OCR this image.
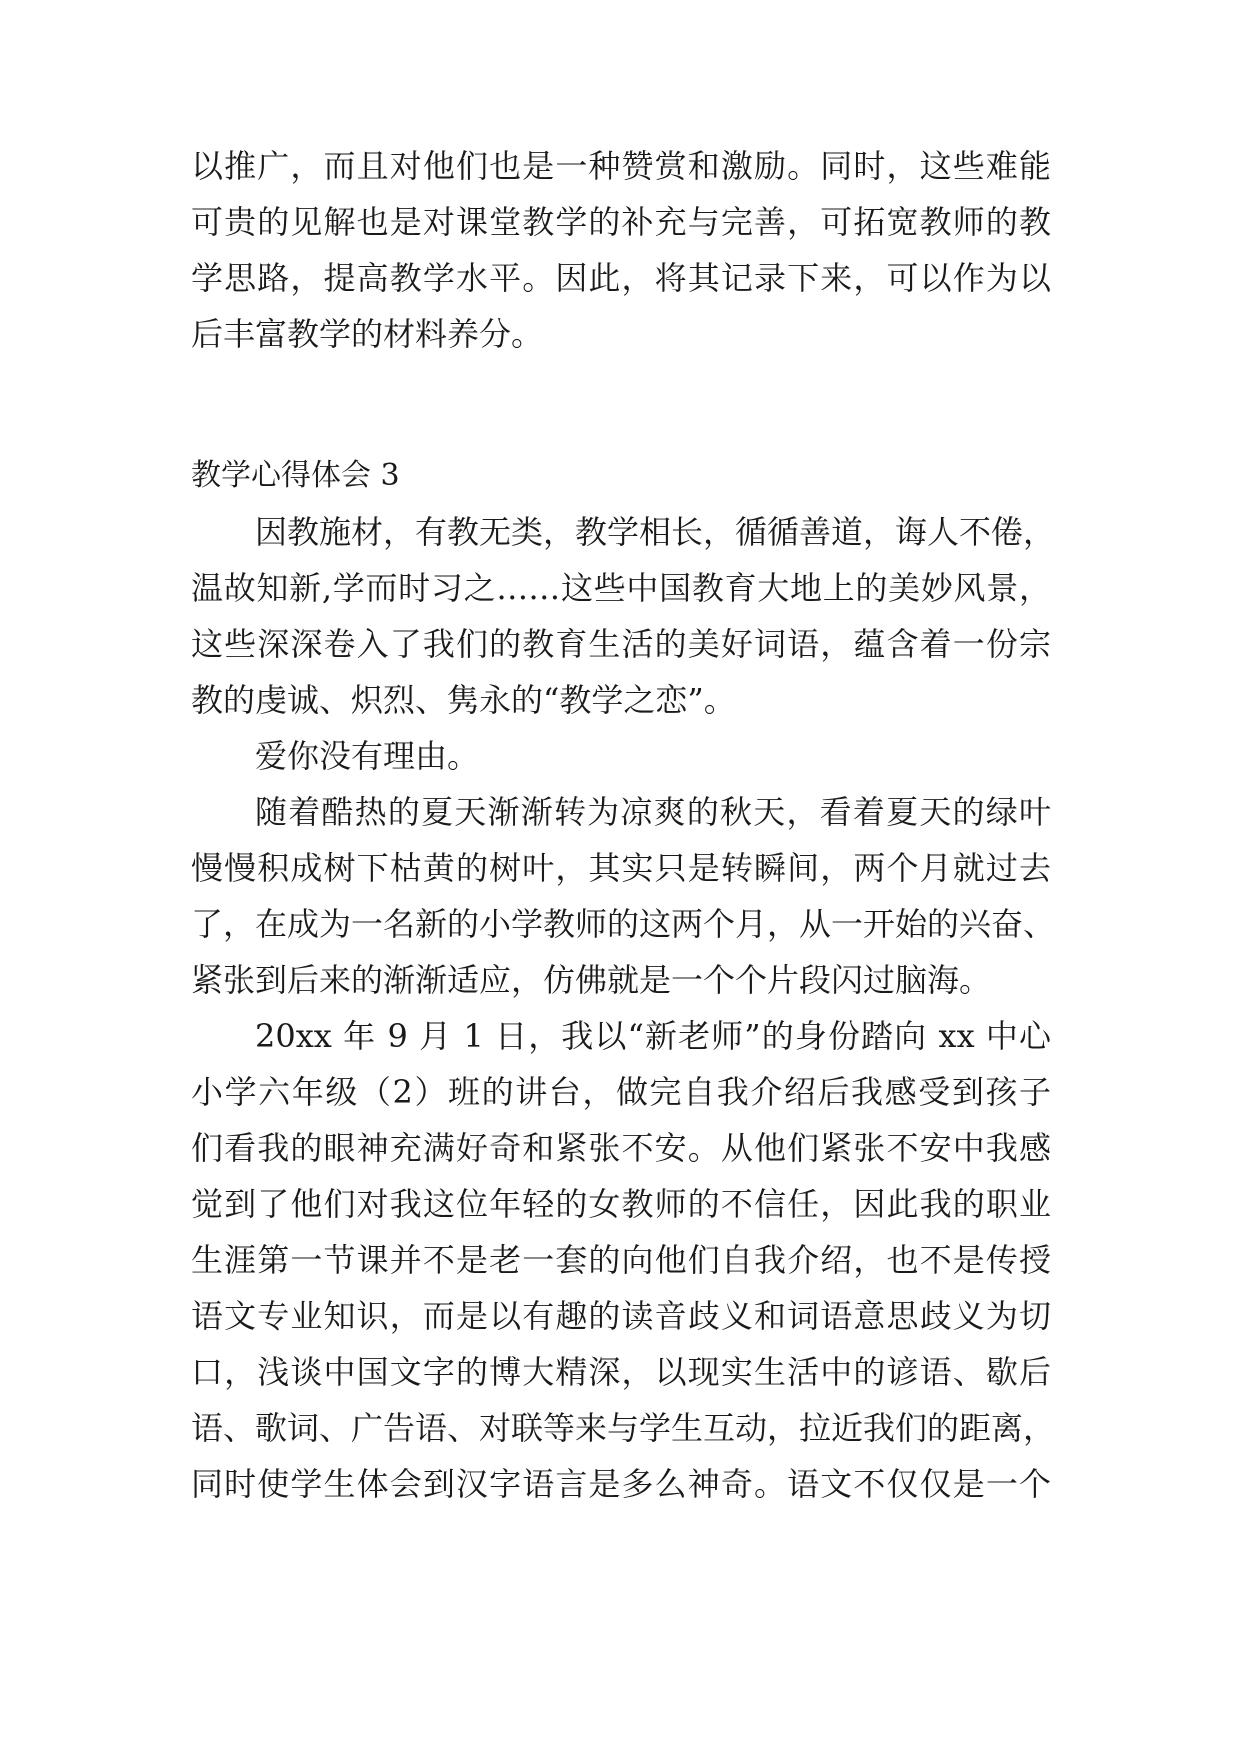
以推广，而且对他们也是一种赞赏和激励。同时，这些难能

可贵的见解也是对课堂教学的补充与完善，可拓宽教师的教

学思路，提高教学水平。因此，将其记录下来，可以作为以

后丰富教学的材料养分。

教学心得体会 3

因教施材，有教无类，教学相长，循循善道，诲人不倦，

温故知新,学而时习之……这些中国教育大地上的美妙风景，

这些深深卷入了我们的教育生活的美好词语，蕴含着一份宗

教的虔诚、炽烈、隽永的“教学之恋”。

爱你没有理由。

随着酷热的夏天渐渐转为凉爽的秋天，看着夏天的绿叶

慢慢积成树下枯黄的树叶，其实只是转瞬间，两个月就过去

了，在成为一名新的小学教师的这两个月，从一开始的兴奋、

紧张到后来的渐渐适应，仿佛就是一个个片段闪过脑海。

20xx 年 9 月 1 日，我以“新老师”的身份踏向 xx 中心

小学六年级（2）班的讲台，做完自我介绍后我感受到孩子

们看我的眼神充满好奇和紧张不安。从他们紧张不安中我感

觉到了他们对我这位年轻的女教师的不信任，因此我的职业

生涯第一节课并不是老一套的向他们自我介绍，也不是传授

语文专业知识，而是以有趣的读音歧义和词语意思歧义为切

口，浅谈中国文字的博大精深，以现实生活中的谚语、歇后

语、歌词、广告语、对联等来与学生互动，拉近我们的距离，

同时使学生体会到汉字语言是多么神奇。语文不仅仅是一个
